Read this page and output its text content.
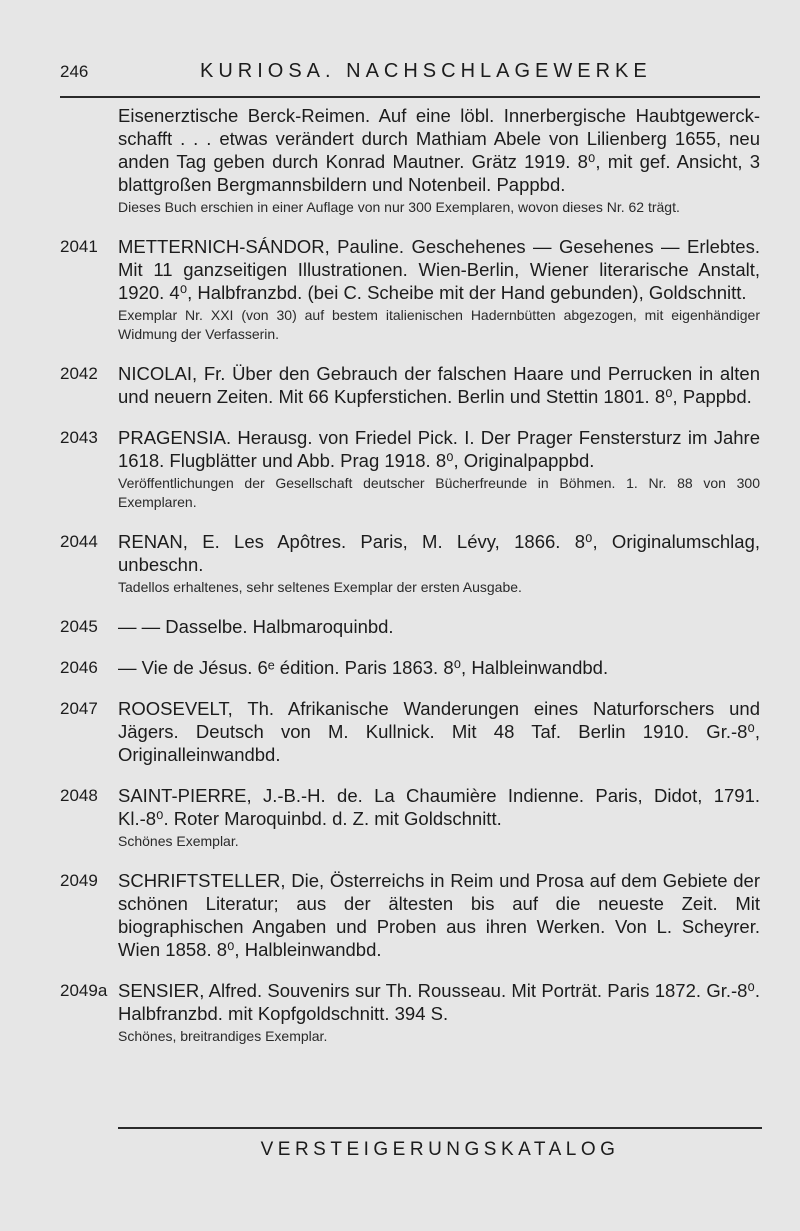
246	KURIOSA. NACHSCHLAGEWERKE
Eisenerztische Berck-Reimen. Auf eine löbl. Innerbergische Haubtgewerck-schafft . . . etwas verändert durch Mathiam Abele von Lilienberg 1655, neu anden Tag geben durch Konrad Mautner. Grätz 1919. 8⁰, mit gef. Ansicht, 3 blattgroßen Bergmannsbildern und Notenbeil. Pappbd.
Dieses Buch erschien in einer Auflage von nur 300 Exemplaren, wovon dieses Nr. 62 trägt.
2041 METTERNICH-SÁNDOR, Pauline. Geschehenes — Gesehenes — Erlebtes. Mit 11 ganzseitigen Illustrationen. Wien-Berlin, Wiener literarische Anstalt, 1920. 4⁰, Halbfranzbd. (bei C. Scheibe mit der Hand gebunden), Goldschnitt.
Exemplar Nr. XXI (von 30) auf bestem italienischen Hadernbütten abgezogen, mit eigenhändiger Widmung der Verfasserin.
2042 NICOLAI, Fr. Über den Gebrauch der falschen Haare und Perrucken in alten und neuern Zeiten. Mit 66 Kupferstichen. Berlin und Stettin 1801. 8⁰, Pappbd.
2043 PRAGENSIA. Herausg. von Friedel Pick. I. Der Prager Fenstersturz im Jahre 1618. Flugblätter und Abb. Prag 1918. 8⁰, Originalpappbd.
Veröffentlichungen der Gesellschaft deutscher Bücherfreunde in Böhmen. 1. Nr. 88 von 300 Exemplaren.
2044 RENAN, E. Les Apôtres. Paris, M. Lévy, 1866. 8⁰, Originalumschlag, unbeschn.
Tadellos erhaltenes, sehr seltenes Exemplar der ersten Ausgabe.
2045 — — Dasselbe. Halbmaroquinbd.
2046 — Vie de Jésus. 6ᵉ édition. Paris 1863. 8⁰, Halbleinwandbd.
2047 ROOSEVELT, Th. Afrikanische Wanderungen eines Naturforschers und Jägers. Deutsch von M. Kullnick. Mit 48 Taf. Berlin 1910. Gr.-8⁰, Originalleinwandbd.
2048 SAINT-PIERRE, J.-B.-H. de. La Chaumière Indienne. Paris, Didot, 1791. Kl.-8⁰. Roter Maroquinbd. d. Z. mit Goldschnitt.
Schönes Exemplar.
2049 SCHRIFTSTELLER, Die, Österreichs in Reim und Prosa auf dem Gebiete der schönen Literatur; aus der ältesten bis auf die neueste Zeit. Mit biographischen Angaben und Proben aus ihren Werken. Von L. Scheyrer. Wien 1858. 8⁰, Halbleinwandbd.
2049a SENSIER, Alfred. Souvenirs sur Th. Rousseau. Mit Porträt. Paris 1872. Gr.-8⁰. Halbfranzbd. mit Kopfgoldschnitt. 394 S.
Schönes, breitrandiges Exemplar.
VERSTEIGERUNGSKATALOG
